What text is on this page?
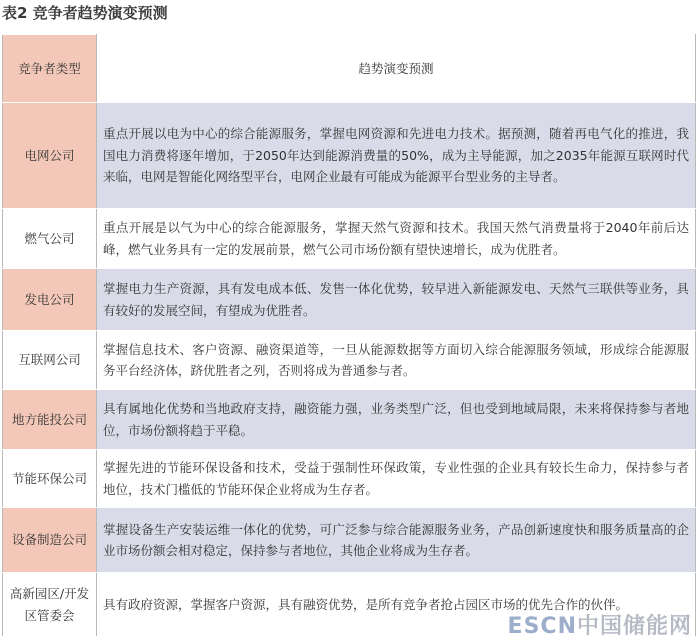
表2 竞争者趋势演变预测
竞争者类型	趋势演变预测
电网公司	重点开展以电为中心的综合能源服务，掌握电网资源和先进电力技术。据预测，随着再电气化的推进，我国电力消费将逐年增加，于2050年达到能源消费量的50%，成为主导能源，加之2035年能源互联网时代来临，电网是智能化网络型平台，电网企业最有可能成为能源平台型业务的主导者。
燃气公司	重点开展是以气为中心的综合能源服务，掌握天然气资源和技术。我国天然气消费量将于2040年前后达峰，燃气业务具有一定的发展前景，燃气公司市场份额有望快速增长，成为优胜者。
发电公司	掌握电力生产资源，具有发电成本低、发售一体化优势，较早进入新能源发电、天然气三联供等业务，具有较好的发展空间，有望成为优胜者。
互联网公司	掌握信息技术、客户资源、融资渠道等，一旦从能源数据等方面切入综合能源服务领域，形成综合能源服务平台经济体，跻优胜者之列，否则将成为普通参与者。
地方能投公司	具有属地化优势和当地政府支持，融资能力强，业务类型广泛，但也受到地域局限，未来将保持参与者地位，市场份额将趋于平稳。
节能环保公司	掌握先进的节能环保设备和技术，受益于强制性环保政策，专业性强的企业具有较长生命力，保持参与者地位，技术门槛低的节能环保企业将成为生存者。
设备制造公司	掌握设备生产安装运维一体化的优势，可广泛参与综合能源服务业务，产品创新速度快和服务质量高的企业市场份额会相对稳定，保持参与者地位，其他企业将成为生存者。
高新园区/开发区管委会	具有政府资源，掌握客户资源，具有融资优势，是所有竞争者抢占园区市场的优先合作的伙伴。
ESCN中国储能网
